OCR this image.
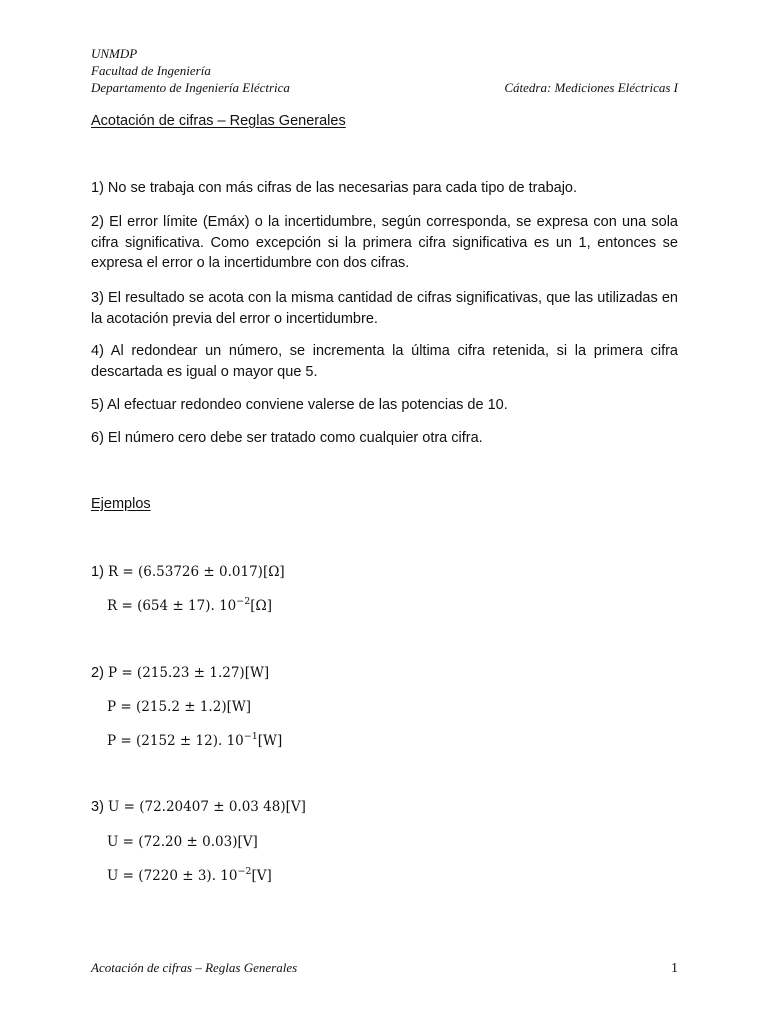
UNMDP
Facultad de Ingeniería
Departamento de Ingeniería Eléctrica	Cátedra: Mediciones Eléctricas I
Acotación de cifras – Reglas Generales
1) No se trabaja con más cifras de las necesarias para cada tipo de trabajo.
2) El error límite (Emáx) o la incertidumbre, según corresponda, se expresa con una sola cifra significativa. Como excepción si la primera cifra significativa es un 1, entonces se expresa el error o la incertidumbre con dos cifras.
3) El resultado se acota con la misma cantidad de cifras significativas, que las utilizadas en la acotación previa del error o incertidumbre.
4) Al redondear un número, se incrementa la última cifra retenida, si la primera cifra descartada es igual o mayor que 5.
5) Al efectuar redondeo conviene valerse de las potencias de 10.
6) El número cero debe ser tratado como cualquier otra cifra.
Ejemplos
1) R = (6.53726 ± 0.017)[Ω]
R = (654 ± 17). $10^{-2}[\Omega]$
2) P = (215.23 ± 1.27)[W]
P = (215.2 ± 1.2)[W]
P = (2152 ± 12). $10^{-1}[W]$
3) U = (72.20407 ± 0.03 48)[V]
U = (72.20 ± 0.03)[V]
U = (7220 ± 3). $10^{-2}[V]$
Acotación de cifras – Reglas Generales	1
